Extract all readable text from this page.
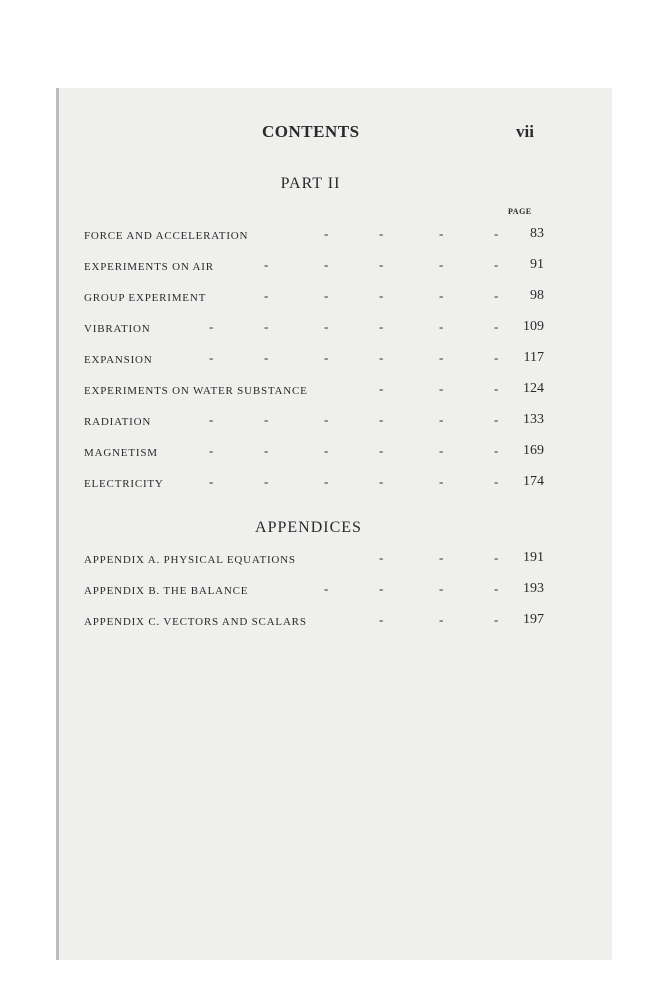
CONTENTS	vii
PART II
PAGE
FORCE AND ACCELERATION	-	-	-	-	83
EXPERIMENTS ON AIR	-	-	-	-	-	91
GROUP EXPERIMENT	-	-	-	-	-	98
VIBRATION	-	-	-	-	-	-	109
EXPANSION	-	-	-	-	-	-	117
EXPERIMENTS ON WATER SUBSTANCE	-	-	-	124
RADIATION	-	-	-	-	-	-	133
MAGNETISM	-	-	-	-	-	-	169
ELECTRICITY	-	-	-	-	-	-	174
APPENDICES
APPENDIX A. PHYSICAL EQUATIONS	-	-	-	191
APPENDIX B. THE BALANCE	-	-	-	-	193
APPENDIX C. VECTORS AND SCALARS	-	-	-	197
